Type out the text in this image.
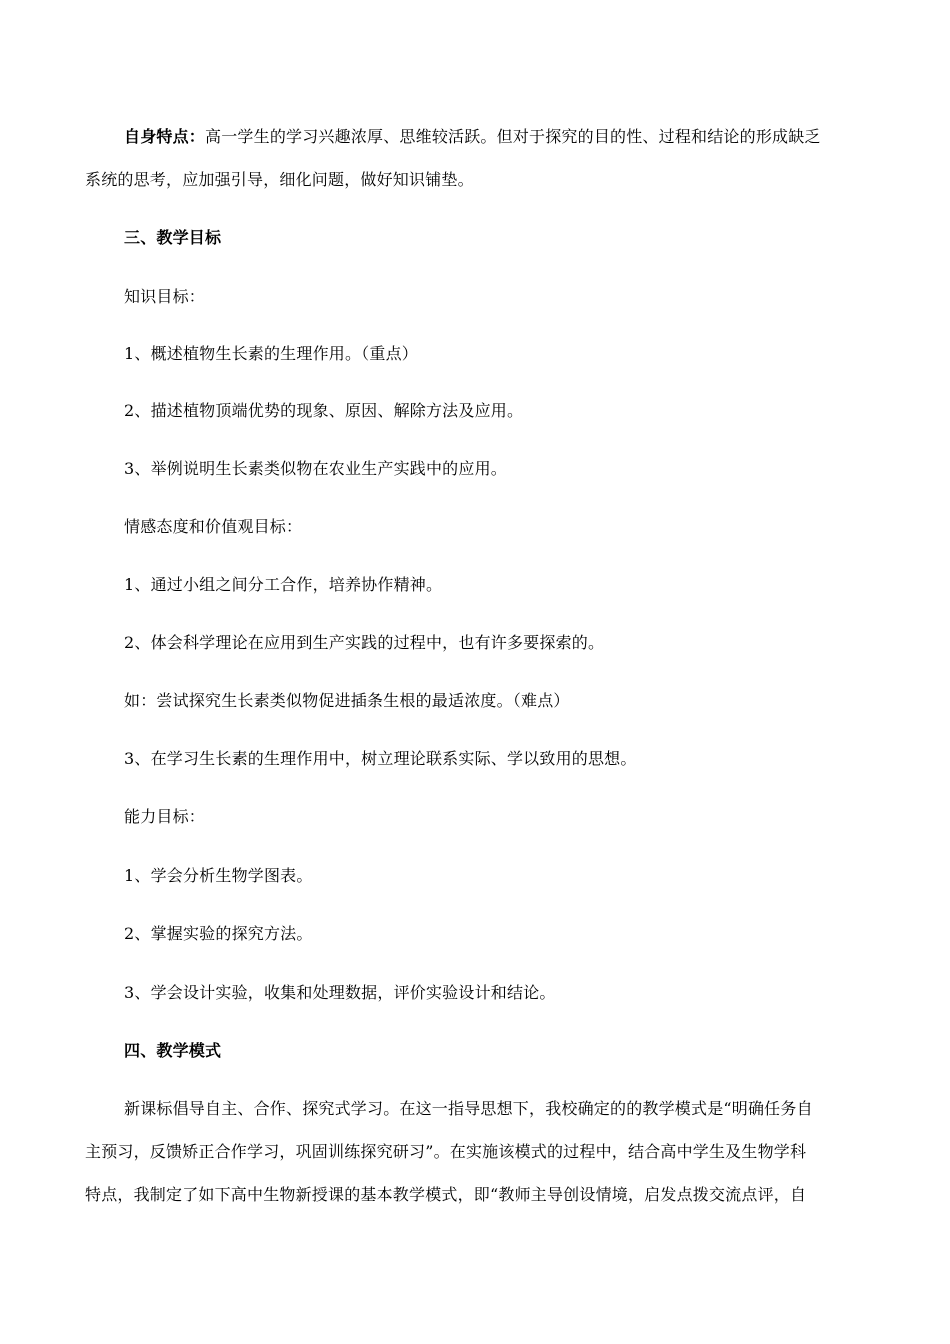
自身特点：高一学生的学习兴趣浓厚、思维较活跃。但对于探究的目的性、过程和结论的形成缺乏
系统的思考，应加强引导，细化问题，做好知识铺垫。
三、教学目标
知识目标：
1、概述植物生长素的生理作用。（重点）
2、描述植物顶端优势的现象、原因、解除方法及应用。
3、举例说明生长素类似物在农业生产实践中的应用。
情感态度和价值观目标：
1、通过小组之间分工合作，培养协作精神。
2、体会科学理论在应用到生产实践的过程中，也有许多要探索的。
如：尝试探究生长素类似物促进插条生根的最适浓度。（难点）
3、在学习生长素的生理作用中，树立理论联系实际、学以致用的思想。
能力目标：
1、学会分析生物学图表。
2、掌握实验的探究方法。
3、学会设计实验，收集和处理数据，评价实验设计和结论。
四、教学模式
新课标倡导自主、合作、探究式学习。在这一指导思想下，我校确定的的教学模式是“明确任务自
主预习，反馈矫正合作学习，巩固训练探究研习”。在实施该模式的过程中，结合高中学生及生物学科
特点，我制定了如下高中生物新授课的基本教学模式，即“教师主导创设情境，启发点拨交流点评，自
